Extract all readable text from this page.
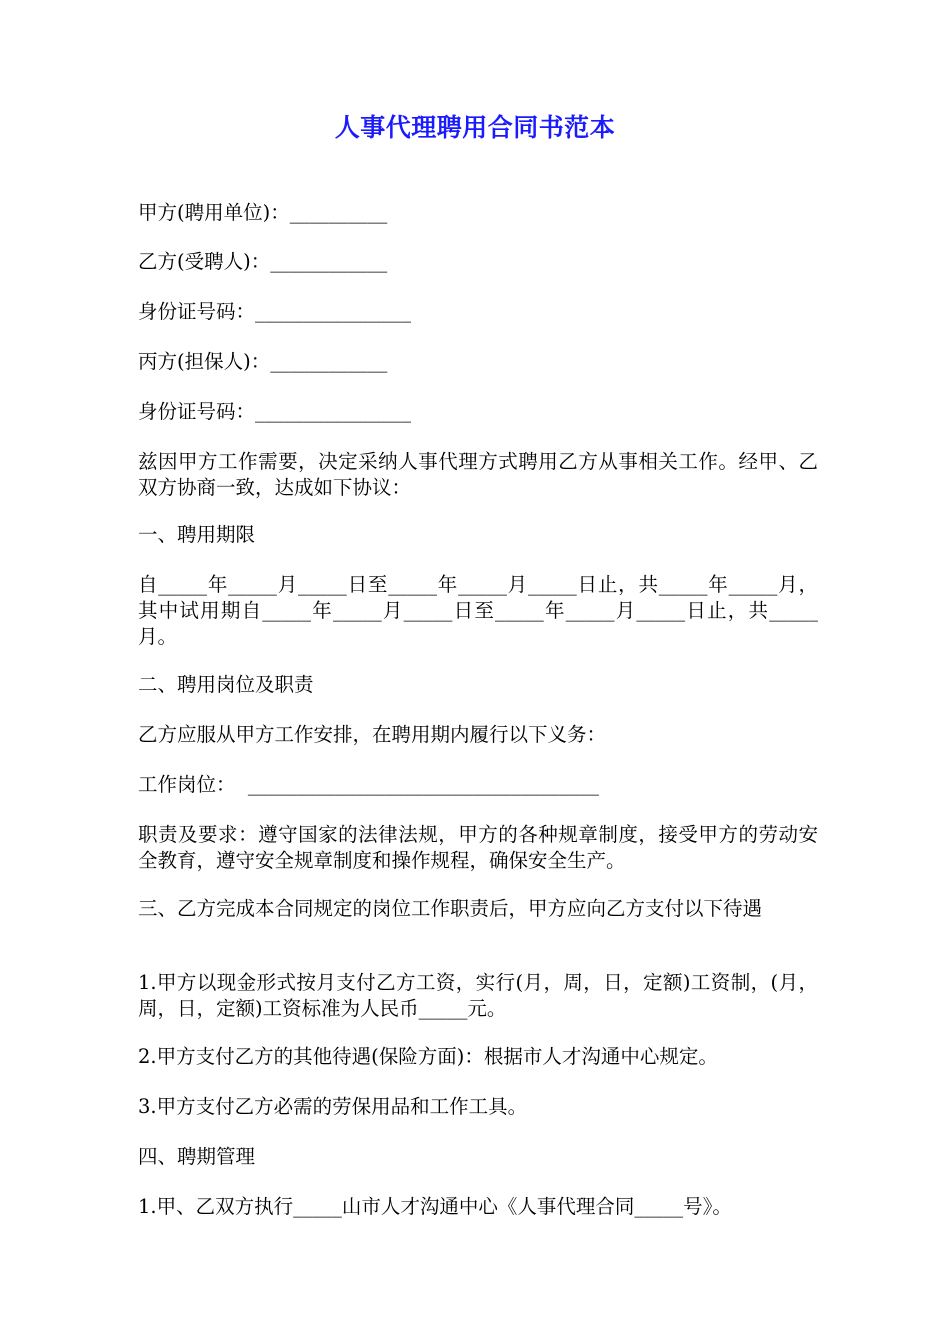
人事代理聘用合同书范本
甲方(聘用单位)：__________
乙方(受聘人)：____________
身份证号码：________________
丙方(担保人)：____________
身份证号码：________________
兹因甲方工作需要，决定采纳人事代理方式聘用乙方从事相关工作。经甲、乙双方协商一致，达成如下协议：
一、聘用期限
自_____年_____月_____日至_____年_____月_____日止，共_____年_____月，其中试用期自_____年_____月_____日至_____年_____月_____日止，共_____月。
二、聘用岗位及职责
乙方应服从甲方工作安排，在聘用期内履行以下义务：
工作岗位：  ____________________________________
职责及要求：遵守国家的法律法规，甲方的各种规章制度，接受甲方的劳动安全教育，遵守安全规章制度和操作规程，确保安全生产。
三、乙方完成本合同规定的岗位工作职责后，甲方应向乙方支付以下待遇
1.甲方以现金形式按月支付乙方工资，实行(月，周，日，定额)工资制，(月，周，日，定额)工资标准为人民币_____元。
2.甲方支付乙方的其他待遇(保险方面)：根据市人才沟通中心规定。
3.甲方支付乙方必需的劳保用品和工作工具。
四、聘期管理
1.甲、乙双方执行_____山市人才沟通中心《人事代理合同_____号》。
